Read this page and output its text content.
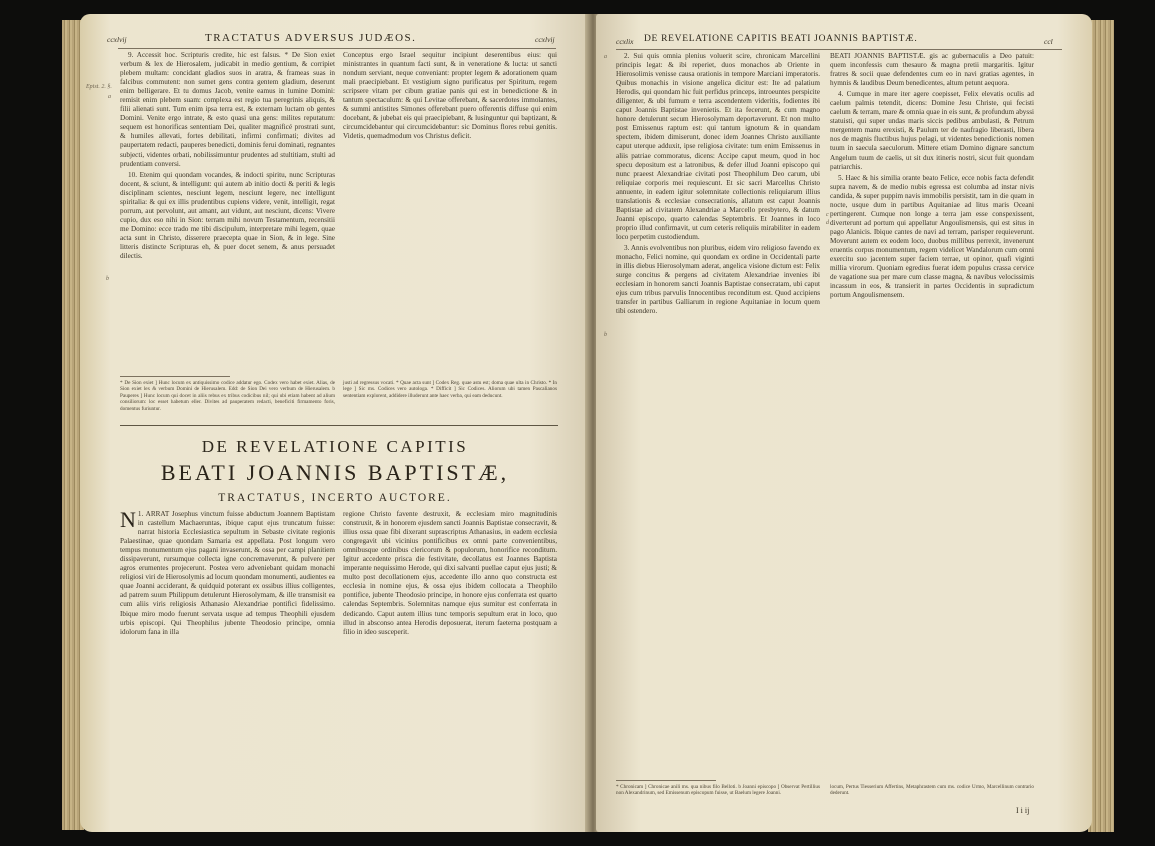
ccxlvij	TRACTATUS ADVERSUS JUDÆOS.	ccxlvij
Epist. 2. §.
a
b

9. Accessit hoc. Scripturis credite, hic est falsus. * De Sion exiet verbum & lex de Hierosalem, judicabit in medio gentium, & corripiet plebem multam: concidant gladios suos in aratra, & frameas suas in falcibus commutent: non sumet gens contra gentem gladium, deserunt enim belligerare. Et tu domus Jacob, venite eamus in lumine Domini: remisit enim plebem suam: complexa est regio tua peregrinis aliquis, & filii alienati sunt. Tum enim ipsa terra est, & externam luctam ob gentes Domini. Venite ergo intrate, & esto quasi una gens: milites reputatum: sequem est honorificas sententiam Dei, qualiter magnificé prostrati sunt, & humiles allevati, fortes debilitati, infirmi confirmati; divites ad paupertatem redacti, pauperes benedicti, dominis ferui dominati, regnantes subjecti, videntes orbati, nobilissimuntur prudentes ad stultitiam, stulti ad prudentiam conversi.

10. Etenim qui quondam vocandes, & indocti spiritu, nunc Scripturas docent, & sciunt, & intelligunt: qui autem ab initio docti & periti & legis disciplinam scientes, nesciunt legem, nesciunt legere, nec intelligunt spiritalia: & qui ex illis prudentibus cupiens videre, venit, intelligit, regat porrum, aut pervolunt, aut amant, aut vidunt, aut nesciunt, dicens: Vivere cupio, dux eso nihi in Sion: terram mihi novum Testamentum, recensitii me Domino: ecce trado me tibi discipulum, interpretare mihi legem, quae acta sunt in Christo, disserere praecepta quae in Sion, & in lege. Sine litteris distincte Scripturas eh, & puer docet senem, & anus persuadet dilectis.

Conceptus ergo Israel sequitur incipiunt deserentibus eius: qui ministrantes in quantum facti sunt, & in veneratione & lucta: ut sancti nondum serviant, neque conveniant: propter legem & adorationem quam mali praecipiebant. Et vestigium signo purificatus per Spiritum, regem scripsere vitam per cibum gratiae panis qui est in benedictione & in tantum spectaculum: & qui Levitae offerebant, & sacerdotes immolantes, & summi antistites Simones offerebant puero offerentis diffuse qui enim docebant, & jubebat eis qui praecipiebant, & lusinguntur qui baptizant, & circumcidebantur qui circumcidebantur: sic Dominus flores rebui genitis. Videtis, quemadmodum vos Christus deficit.

* De Sion exiet ] Hunc locum ex antiquissimo codice addatur ego. Codex vero habet exiet. Alias, de Sion exiet lex & verbum Domini de Hierusalem. Edd: de Sion Dei vero verbum de Hierusalem. b Pauperes ] Hunc locum qui docet in aliis rebus ex tribus codicibus nil; qui ubi etiam habent ad alium consiliorum: loc esset habetum eller. Divites ad pauperatem redacti, beneficiti firmamento foris, domentus furiuntur.
justi ad regressus vocati. * Quae acta sunt ] Codex Reg. quae astu est; doma quae ulta in Christo. * In lege ] Sic ms. Codices vero autologa. * Difficit ] Sic Codices. Aliorum ubi tamen Pascalianos sententiam explorent, addidere illuderunt ante haec verba, qui eam deducunt.
DE REVELATIONE CAPITIS
BEATI JOANNIS BAPTISTÆ,
TRACTATUS, INCERTO AUCTORE.
N 1. ARRAT Josephus vinctum fuisse abductum Joannem Baptistam in castellum Machaeruntas, ibique caput ejus truncatum fuisse: narrat historia Ecclesiastica sepultum in Sebaste civitate regionis Palaestinae, quae quondam Samaria est appellata. Post longum vero tempus monumentum ejus pagani invaserunt, & ossa per campi planitiem dissipaverunt, rursumque collecta igne concremaverunt, & pulvere per agros erumentes projecerunt. Postea vero adveniebant quidam monachi religiosi viri de Hierosolymis ad locum quondam monumenti, audientes ea quae Joanni acciderant, & quidquid poterant ex ossibus illius colligentes, ad patrem suum Philippum detulerunt Hierosolymam, & ille transmisit ea cum aliis viris religiosis Athanasio Alexandriae pontifici fidelissimo. Ibique miro modo fuerunt servata usque ad tempus Theophili ejusdem urbis episcopi. Qui Theophilus jubente Theodosio principe, omnia idolorum fana in illa
regione Christo favente destruxit, & ecclesiam miro magnitudinis construxit, & in honorem ejusdem sancti Joannis Baptistae consecravit, & illius ossa quae fibi dixerant suprascriptus Athanasius, in eadem ecclesia congregavit ubi vicinius pontificibus ex omni parte convenientibus, omnibusque ordinibus clericorum & populorum, honorifice reconditum. Igitur accedente prisca die festivitate, decollatus est Joannes Baptista imperante nequissimo Herode, qui dixi salvanti puellae caput ejus justi; & multo post decollationem ejus, accedente illo anno quo constructa est ecclesia in nomine ejus, & ossa ejus ibidem collocata a Theophilo pontifice, jubente Theodosio principe, in honore ejus conferrata est quarto calendas Septembris. Solemnitas namque ejus sumitur est conferrata in dedicando. Caput autem illius tunc temporis sepultum erat in loco, quo illud in absconso antea Herodis deposuerat, iterum faeterna postquam a filio in ideo susceperit.
ccxlix DE REVELATIONE CAPITIS BEATI JOANNIS BAPTISTÆ.	ccl
a
b
c
d

2. Sui quis omnia plenius voluerit scire, chronicam Marcellini principis legat: & ibi reperiet, duos monachos ab Oriente in Hierosolimis venisse causa orationis in tempore Marciani imperatoris. Quibus monachis in visione angelica dicitur est: Ite ad palatium Herodis, qui quondam hic fuit perfidus princeps, introeuntes perspicite diligenter, & ubi fumum e terra ascendentem videritis, fodientes ibi caput Joannis Baptistae invenietis. Et ita fecerunt, & cum magno honore detulerunt secum Hierosolymam deportaverunt. Et non multo post Emissenus raptum est: qui tantum ignotum & in quandam spectem, ibidem dimiserunt, donec idem Joannes Christo auxiliante caput uterque adduxit, ipse religiosa civitate: tum enim Emissenus in aliis patriae commoratus, dicens: Accipe caput meum, quod in hoc specu depositum est a latronibus, & defer illud Joanni episcopo qui nunc praeest Alexandriae civitati post Theophilum Deo carum, ubi reliquiae corporis mei requiescunt. Et sic sacri Marcellus Christo annuente, in eadem igitur solemnitate collectionis reliquiarum illius translationis & ecclesiae consecrationis, allatum est caput Joannis Baptistae ad civitatem Alexandriae a Marcello presbytero, & datum Joanni episcopo, quarto calendas Septembris. Et Joannes in loco proprio illud confirmavit, ut cum ceteris reliquiis mirabiliter in eadem loco perpetim custodiendum.

3. Annis evolventibus non pluribus, eidem viro religioso favendo ex monacho, Felici nomine, qui quondam ex ordine in Occidentali parte in illis diebus Hierosolymam aderat, angelica visione dictum est: Felix surge concitus & pergens ad civitatem Alexandriae invenies ibi ecclesiam in honorem sancti Joannis Baptistae consecratam, ubi caput ejus cum tribus parvulis Innocentibus reconditum est. Quod accipiens transfer in partibus Galliarum in regione Aquitaniae in locum quem tibi ostendero.

BEATI JOANNIS BAPTISTÆ. gis ac gubernaculis a Deo patuit: quem inconfessis cum thesauro & magna pretii margaritis. Igitur fratres & socii quae defendentes cum eo in navi gratias agentes, in hymnis & laudibus Deum benedicentes, altum petunt aequora.

4. Cumque in mare iter agere coepisset, Felix elevatis oculis ad caelum palmis tetendit, dicens: Domine Jesu Christe, qui fecisti caelum & terram, mare & omnia quae in eis sunt, & profundum abyssi statuisti, qui super undas maris siccis pedibus ambulasti, & Petrum mergentem manu erexisti, & Paulum ter de naufragio liberasti, libera nos de magnis fluctibus hujus pelagi, ut videntes benedictionis nomen tuum in saecula saeculorum. Mittere etiam Domino dignare sanctum Angelum tuum de caelis, ut sit dux itineris nostri, sicut fuit quondam patriarchis.

5. Haec & his similia orante beato Felice, ecce nobis facta defendit supra navem, & de medio nubis egressa est columba ad instar nivis candida, & super puppim navis immobilis persistit, tam in die quam in nocte, usque dum in partibus Aquitaniae ad litus maris Oceani pertingerent. Cumque non longe a terra jam esse conspexissent, diverterunt ad portum qui appellatur Angoulismensis, qui est situs in pago Alanicis. Ibique cantes de navi ad terram, parisper requieverunt. Moverunt autem ex eodem loco, duobus millibus perrexit, invenerunt eruentis corpus monumentum, regem videlicet Wandalorum cum omni exercitu suo jacentem super faciem terrae, ut opinor, quafi viginti millia virorum. Quoniam egredius fuerat idem populus crassa cervice de vagatione sua per mare cum classe magna, & navibus velocissimis incassum in eos, & transierit in partes Occidentis in supradictum portum Angoulismensem.

* Chronicam ] Chronicae anili ms. qua nibus filo Belloti. b Joanni episcopo ] Observat Pertillius non Alexandrinum, sed Emissenum episcopum fuisse, ut Baelum legere Joanni.
locum, Pertus Tiesserium Affertins, Metaphrastem cum ms. codice Urmo, Marcellinum contrario dederunt.
I i ij
